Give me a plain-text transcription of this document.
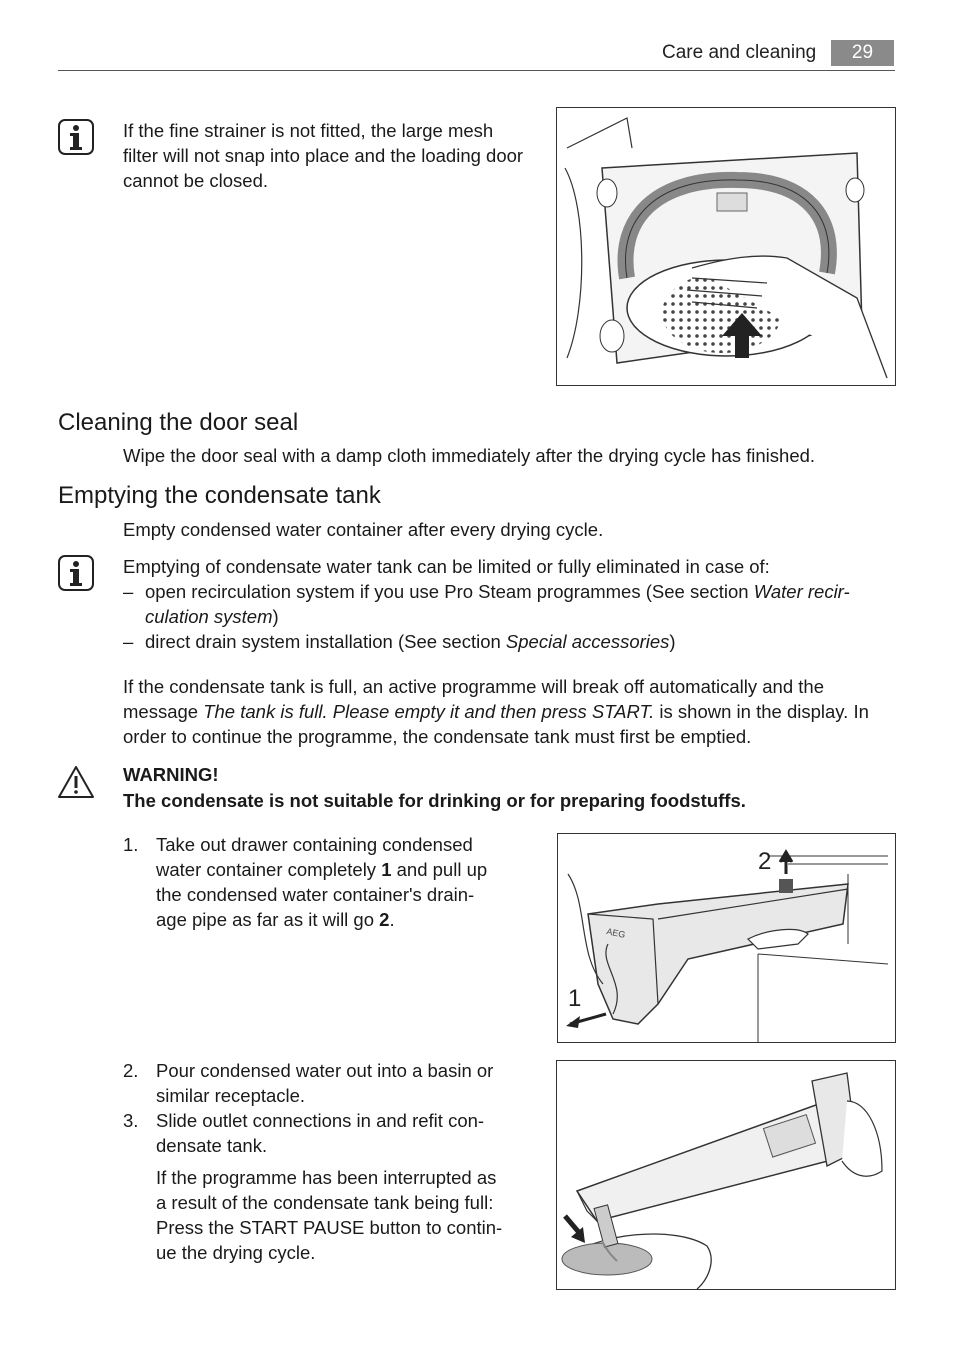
Care and cleaning	29

If the fine strainer is not fitted, the large mesh

filter will not snap into place and the loading door

cannot be closed.

Cleaning the door seal

Wipe the door seal with a damp cloth immediately after the drying cycle has finished.

Emptying the condensate tank

Empty condensed water container after every drying cycle.

Emptying of condensate water tank can be limited or fully eliminated in case of:

– open recirculation system if you use Pro Steam programmes (See section Water recir-
culation system)
– direct drain system installation (See section Special accessories)

If the condensate tank is full, an active programme will break off automatically and the

message The tank is full. Please empty it and then press START. is shown in the display. In

order to continue the programme, the condensate tank must first be emptied.

WARNING!
The condensate is not suitable for drinking or for preparing foodstuffs.
1. Take out drawer containing condensed

water container completely 1 and pull up

the condensed water container's drain-

age pipe as far as it will go 2.

AEG
2
1
2. Pour condensed water out into a basin or

similar receptacle.

3. Slide outlet connections in and refit con-

densate tank.

If the programme has been interrupted as

a result of the condensate tank being full:

Press the START PAUSE button to contin-

ue the drying cycle.
